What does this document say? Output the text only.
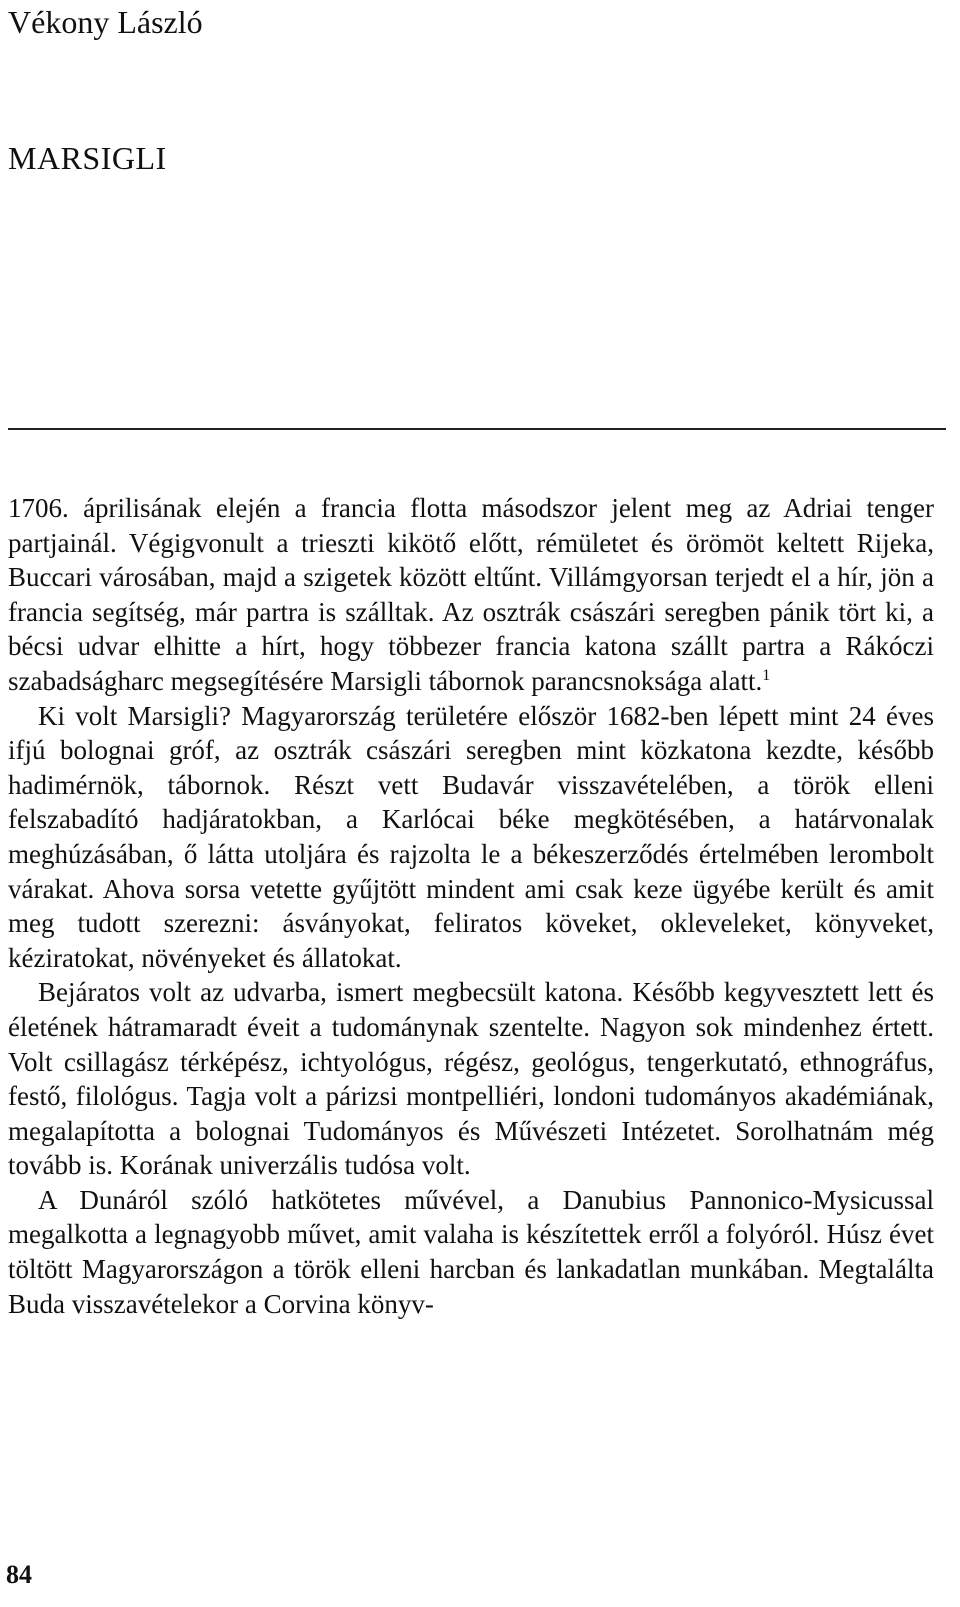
Vékony László
MARSIGLI

1706. áprilisának elején a francia flotta másodszor jelent meg az Adriai tenger partjainál. Végigvonult a trieszti kikötő előtt, rémületet és örömöt keltett Rijeka, Buccari városában, majd a szigetek között eltűnt. Villámgyorsan terjedt el a hír, jön a francia segítség, már partra is szálltak. Az osztrák császári seregben pánik tört ki, a bécsi udvar elhitte a hírt, hogy többezer francia katona szállt partra a Rákóczi szabadságharc megsegítésére Marsigli tábornok parancsnoksága alatt.$^1$

Ki volt Marsigli? Magyarország területére először 1682-ben lépett mint 24 éves ifjú bolognai gróf, az osztrák császári seregben mint közkatona kezdte, később hadimérnök, tábornok. Részt vett Budavár visszavételében, a török elleni felszabadító hadjáratokban, a Karlócai béke megkötésében, a határvonalak meghúzásában, ő látta utoljára és rajzolta le a békeszerződés értelmében lerombolt várakat. Ahova sorsa vetette gyűjtött mindent ami csak keze ügyébe került és amit meg tudott szerezni: ásványokat, feliratos köveket, okleveleket, könyveket, kéziratokat, növényeket és állatokat.

Bejáratos volt az udvarba, ismert megbecsült katona. Később kegyvesztett lett és életének hátramaradt éveit a tudománynak szentelte. Nagyon sok mindenhez értett. Volt csillagász térképész, ichtyológus, régész, geológus, tengerkutató, ethnográfus, festő, filológus. Tagja volt a párizsi montpelliéri, londoni tudományos akadémiának, megalapította a bolognai Tudományos és Művészeti Intézetet. Sorolhatnám még tovább is. Korának univerzális tudósa volt.

A Dunáról szóló hatkötetes művével, a Danubius Pannonico-Mysicussal megalkotta a legnagyobb művet, amit valaha is készítettek erről a folyóról. Húsz évet töltött Magyarországon a török elleni harcban és lankadatlan munkában. Megtalálta Buda visszavételekor a Corvina könyv-

84
